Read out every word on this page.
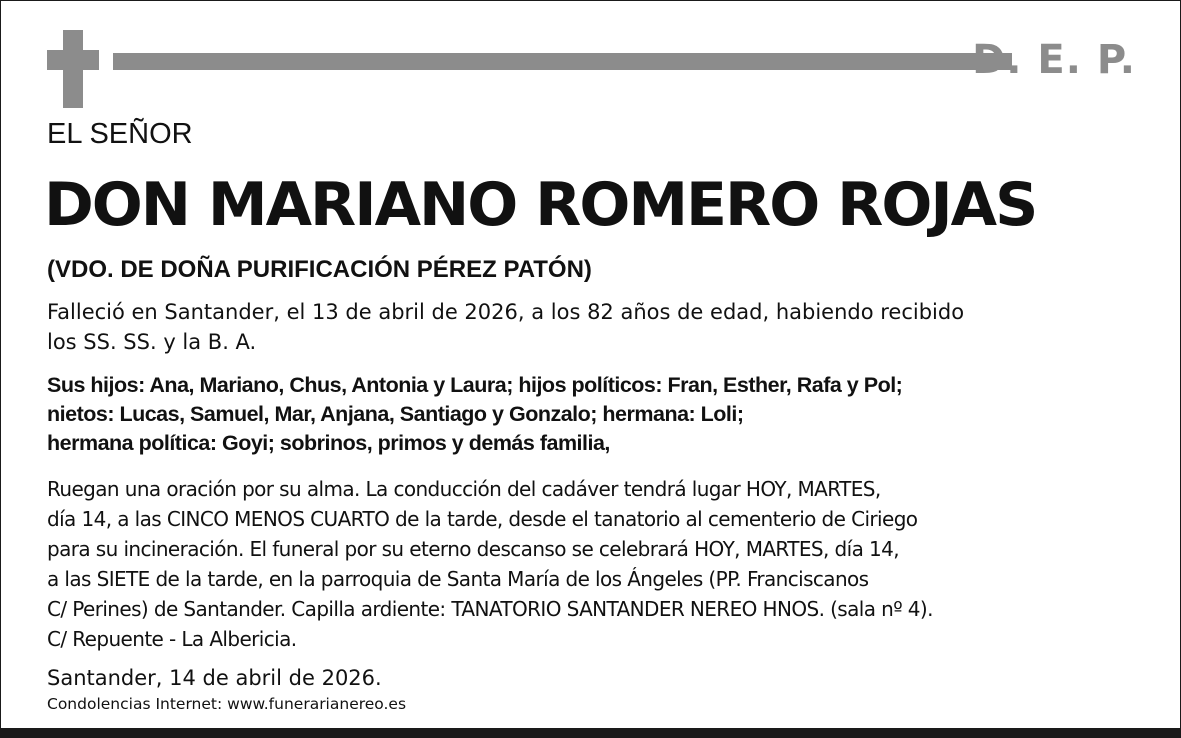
D. E. P.
EL SEÑOR
DON MARIANO ROMERO ROJAS
(VDO. DE DOÑA PURIFICACIÓN PÉREZ PATÓN)
Falleció en Santander, el 13 de abril de 2026, a los 82 años de edad, habiendo recibido
los SS. SS. y la B. A.
Sus hijos: Ana, Mariano, Chus, Antonia y Laura; hijos políticos: Fran, Esther, Rafa y Pol;
nietos: Lucas, Samuel, Mar, Anjana, Santiago y Gonzalo; hermana: Loli;
hermana política: Goyi; sobrinos, primos y demás familia,
Ruegan una oración por su alma. La conducción del cadáver tendrá lugar HOY, MARTES,
día 14, a las CINCO MENOS CUARTO de la tarde, desde el tanatorio al cementerio de Ciriego
para su incineración. El funeral por su eterno descanso se celebrará HOY, MARTES, día 14,
a las SIETE de la tarde, en la parroquia de Santa María de los Ángeles (PP. Franciscanos
C/ Perines) de Santander. Capilla ardiente: TANATORIO SANTANDER NEREO HNOS. (sala nº 4).
C/ Repuente - La Albericia.
Santander, 14 de abril de 2026.
Condolencias Internet: www.funerarianereo.es
